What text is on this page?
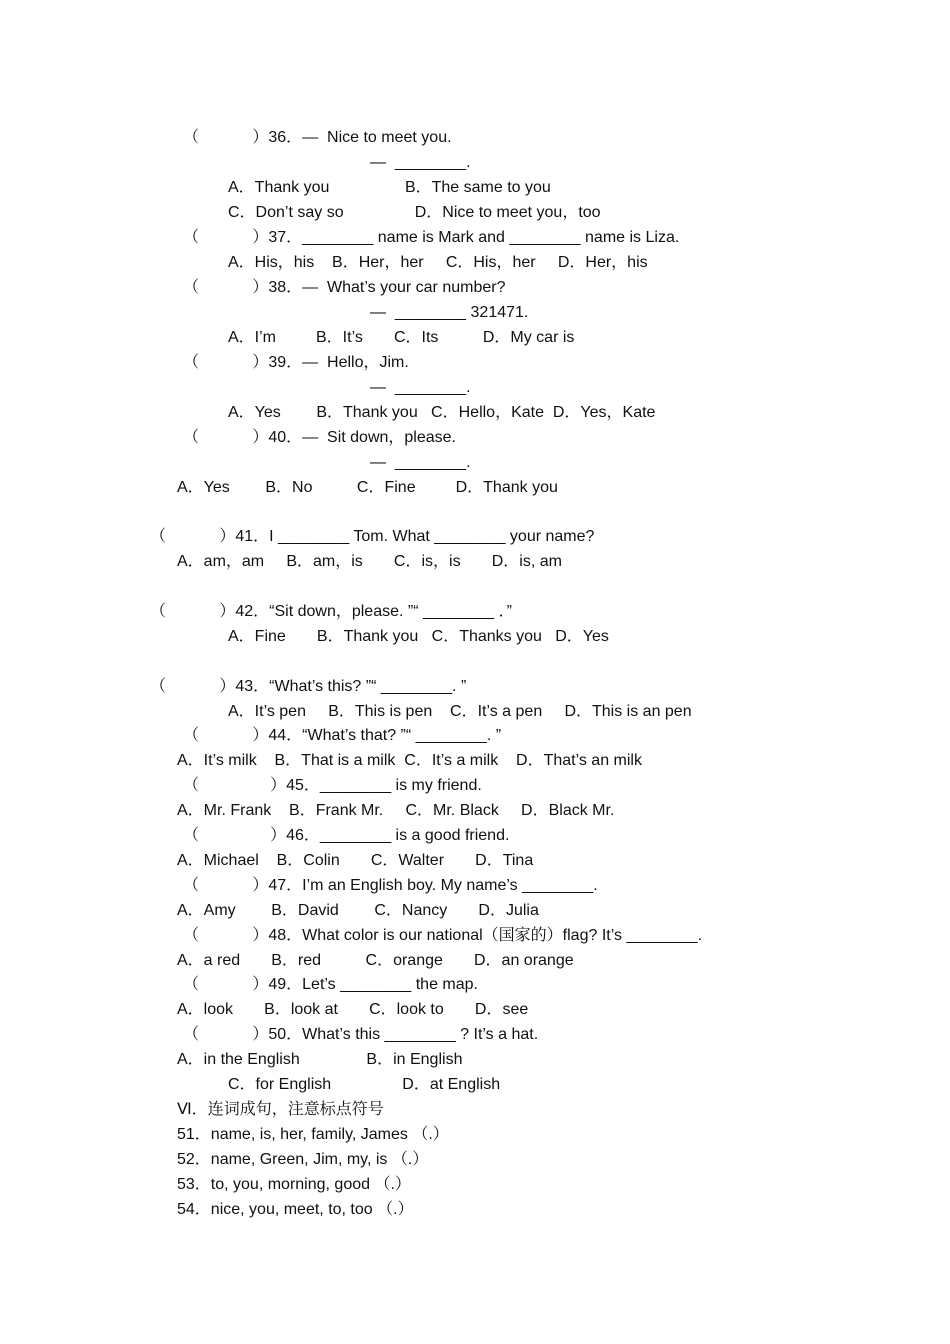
（            ）36．—  Nice to meet you.
—  ________.
A．Thank you                 B．The same to you
C．Don’t say so                D．Nice to meet you，too
（            ）37．________ name is Mark and ________ name is Liza.
A．His，his    B．Her，her     C．His，her     D．Her，his
（            ）38．—  What’s your car number?
—  ________ 321471.
A．I’m         B．It’s       C．Its          D．My car is
（            ）39．—  Hello，Jim.
—  ________.
A．Yes        B．Thank you   C．Hello，Kate  D．Yes，Kate
（            ）40．—  Sit down，please.
—  ________.
A．Yes        B．No          C．Fine         D．Thank you
（            ）41．I ________ Tom. What ________ your name?
A．am，am     B．am，is       C．is，is       D．is, am
（            ）42．“Sit down，please. ”“ ________ ．”
A．Fine       B．Thank you   C．Thanks you   D．Yes
（            ）43．“What’s this? ”“ ________. ”
A．It’s pen     B．This is pen    C．It’s a pen     D．This is an pen
（            ）44．“What’s that? ”“ ________. ”
A．It’s milk    B．That is a milk  C．It’s a milk    D．That’s an milk
（                ）45．________ is my friend.
A．Mr. Frank    B．Frank Mr.     C．Mr. Black     D．Black Mr.
（                ）46．________ is a good friend.
A．Michael    B．Colin       C．Walter       D．Tina
（            ）47．I’m an English boy. My name’s ________.
A．Amy        B．David        C．Nancy       D．Julia
（            ）48．What color is our national（国家的）flag? It’s ________.
A．a red       B．red          C．orange       D．an orange
（            ）49．Let’s ________ the map.
A．look       B．look at       C．look to       D．see
（            ）50．What’s this ________ ? It’s a hat.
A．in the English               B．in English
C．for English                D．at English
Ⅵ．连词成句，注意标点符号
51．name, is, her, family, James （.）
52．name, Green, Jim, my, is （.）
53．to, you, morning, good （.）
54．nice, you, meet, to, too （.）
